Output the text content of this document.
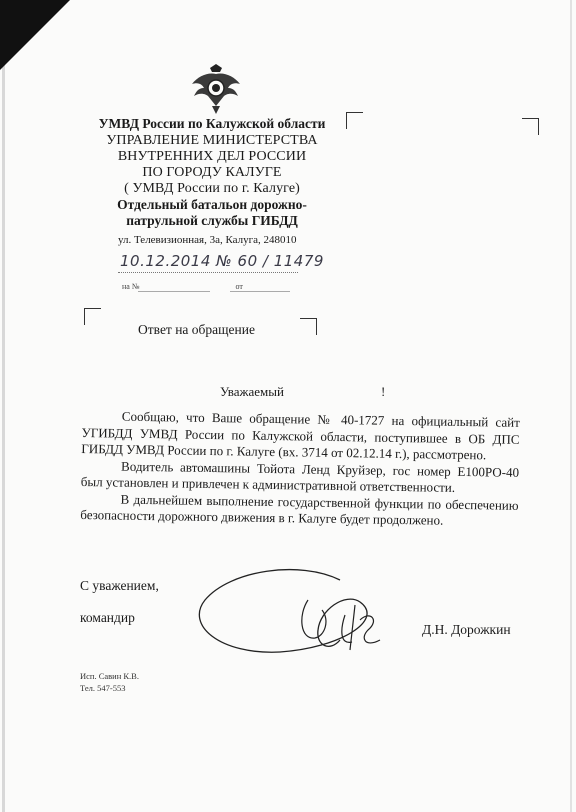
УМВД России по Калужской области
УПРАВЛЕНИЕ МИНИСТЕРСТВА
ВНУТРЕННИХ ДЕЛ РОССИИ
ПО ГОРОДУ КАЛУГЕ
( УМВД России по г. Калуге)
Отдельный батальон дорожно-
патрульной службы ГИБДД
ул. Телевизионная, 3а, Калуга, 248010
10.12.2014 № 60 / 11479
на №	от
Ответ на обращение
Уважаемый	!

Сообщаю, что Ваше обращение № 40-1727 на официальный сайт УГИБДД УМВД России по Калужской области, поступившее в ОБ ДПС ГИБДД УМВД России по г. Калуге (вх. 3714 от 02.12.14 г.), рассмотрено.

Водитель автомашины Тойота Ленд Круйзер, гос номер Е100РО-40 был установлен и привлечен к административной ответственности.

В дальнейшем выполнение государственной функции по обеспечению безопасности дорожного движения в г. Калуге будет продолжено.

С уважением,
командир
Д.Н. Дорожкин
Исп. Савин К.В.
Тел. 547-553
